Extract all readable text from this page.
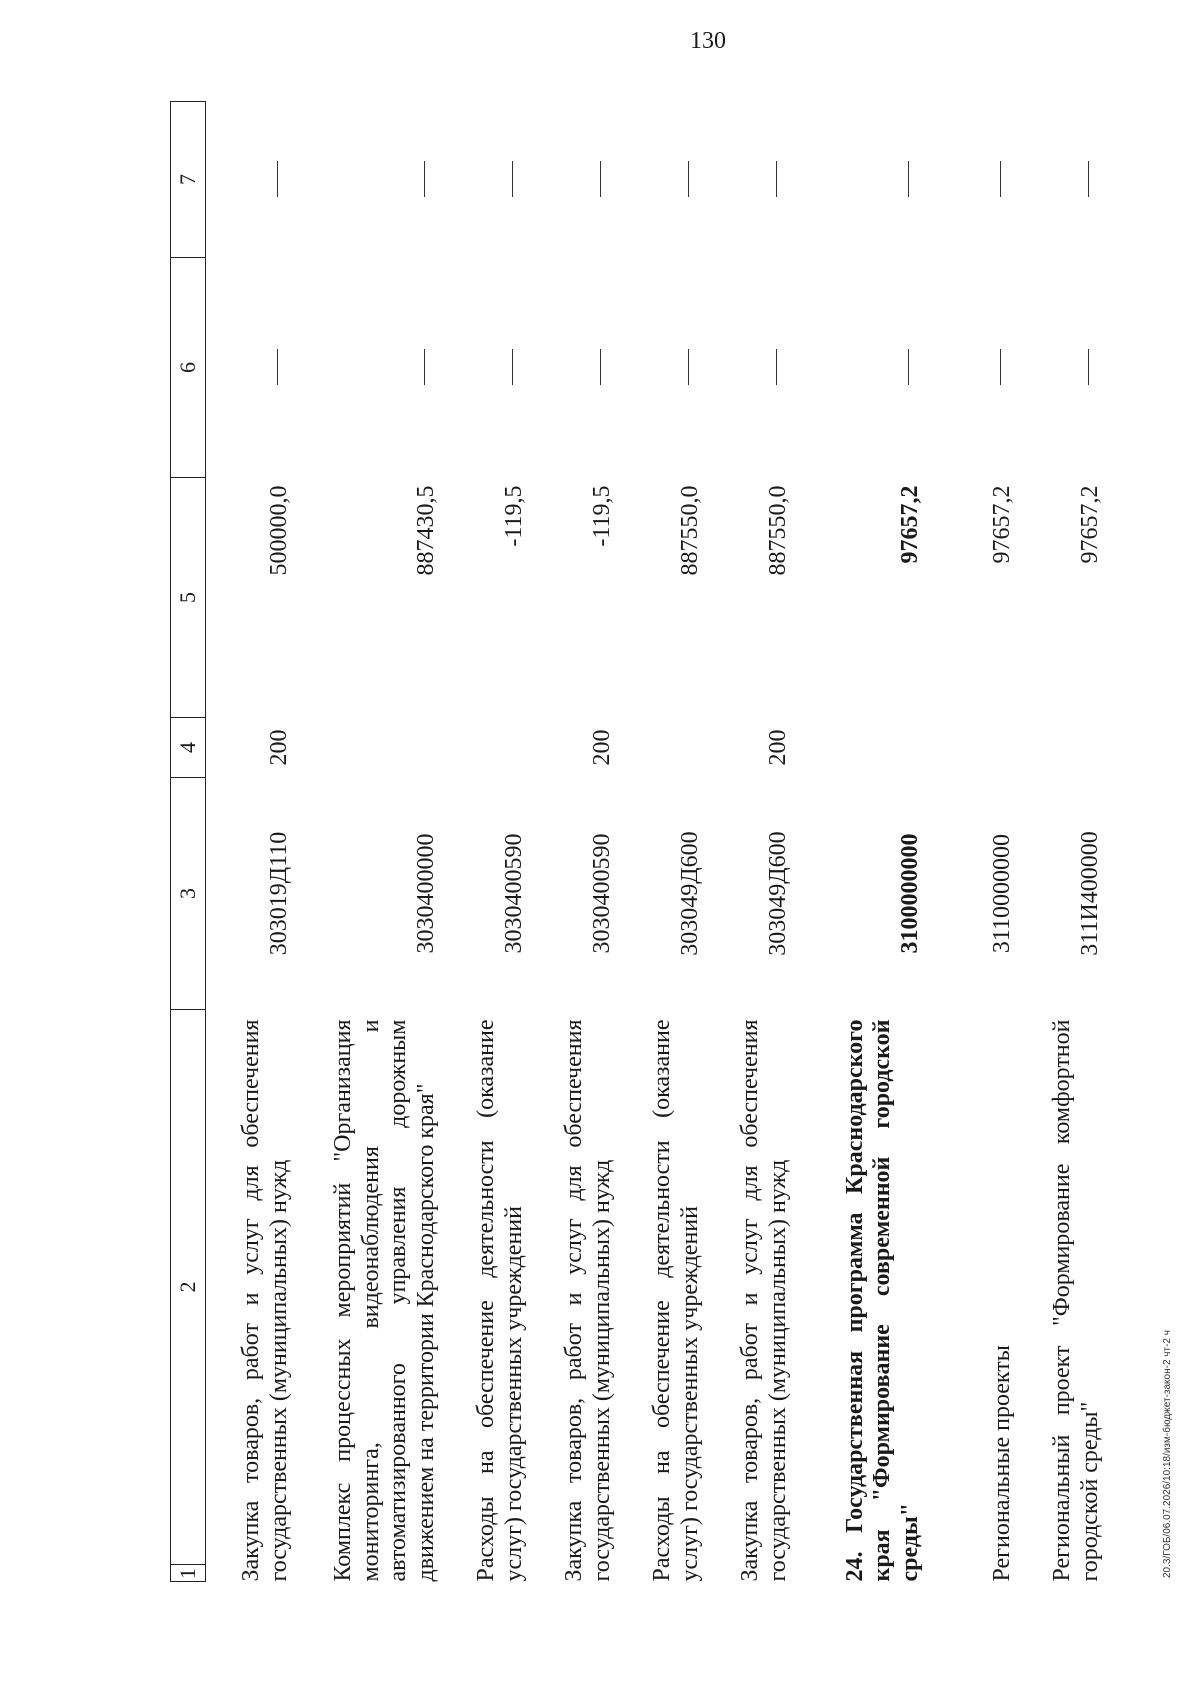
130
1	2	3	4	5	6	7
Закупка товаров, работ и услуг для обеспечения государственных (муниципальных) нужд		303019Д110	200	500000,0		
Комплекс процессных мероприятий "Организация мониторинга, видеонаблюдения и автоматизированного управления дорожным движением на территории Краснодарского края"		3030400000		887430,5		
Расходы на обеспечение деятельности (оказание услуг) государственных учреждений		3030400590		-119,5		
Закупка товаров, работ и услуг для обеспечения государственных (муниципальных) нужд		3030400590	200	-119,5		
Расходы на обеспечение деятельности (оказание услуг) государственных учреждений		303049Д600		887550,0		
Закупка товаров, работ и услуг для обеспечения государственных (муниципальных) нужд		303049Д600	200	887550,0		
24. Государственная программа Краснодарского края "Формирование современной городской среды"		3100000000		97657,2		
Региональные проекты		3110000000		97657,2		
Региональный проект "Формирование комфортной городской среды"		311И400000		97657,2		
20.3/ГОБ/06.07.2026/10:18/изм-бюджет-закон-2 чт-2 ч
